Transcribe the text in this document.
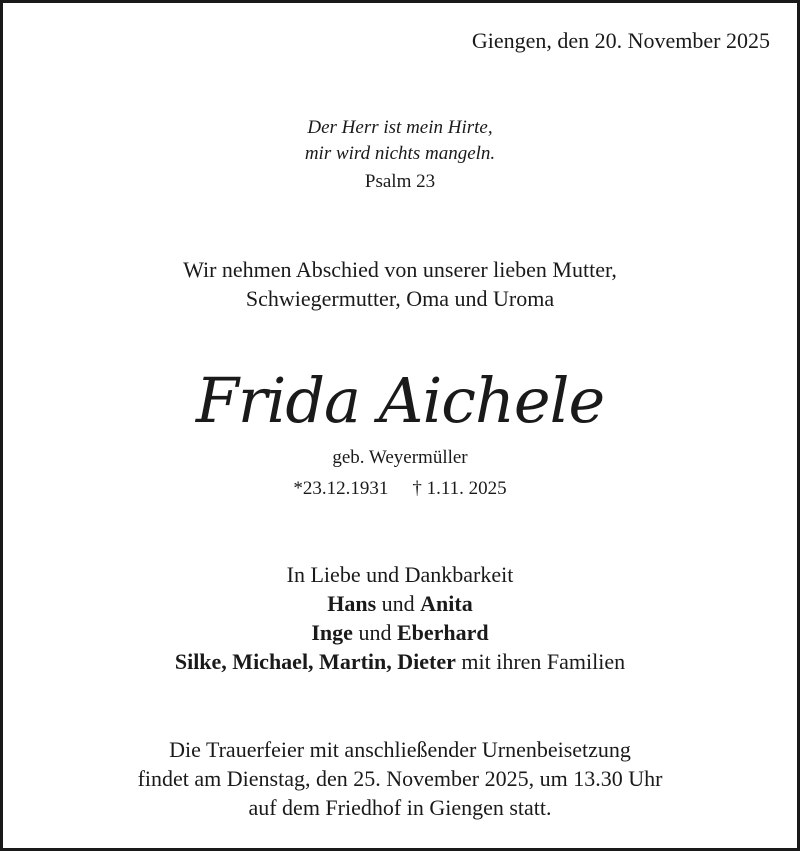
Giengen, den 20. November 2025
Der Herr ist mein Hirte,
mir wird nichts mangeln.
Psalm 23
Wir nehmen Abschied von unserer lieben Mutter,
Schwiegermutter, Oma und Uroma
Frida Aichele
geb. Weyermüller
*23.12.1931 † 1.11. 2025
In Liebe und Dankbarkeit
Hans und Anita
Inge und Eberhard
Silke, Michael, Martin, Dieter mit ihren Familien
Die Trauerfeier mit anschließender Urnenbeisetzung
findet am Dienstag, den 25. November 2025, um 13.30 Uhr
auf dem Friedhof in Giengen statt.
